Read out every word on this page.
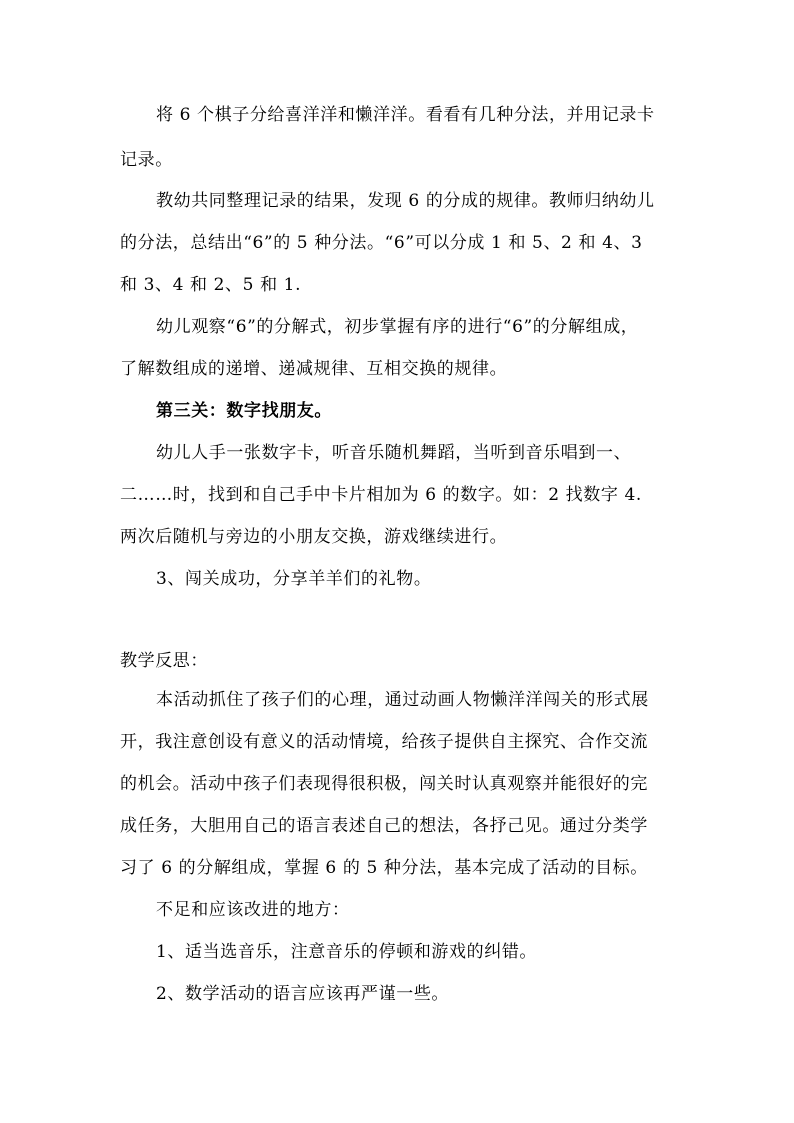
将 6 个棋子分给喜洋洋和懒洋洋。看看有几种分法，并用记录卡
记录。
教幼共同整理记录的结果，发现 6 的分成的规律。教师归纳幼儿
的分法，总结出“6”的 5 种分法。“6”可以分成 1 和 5、2 和 4、3
和 3、4 和 2、5 和 1.
幼儿观察“6”的分解式，初步掌握有序的进行“6”的分解组成，
了解数组成的递增、递减规律、互相交换的规律。
第三关：数字找朋友。
幼儿人手一张数字卡，听音乐随机舞蹈，当听到音乐唱到一、
二……时，找到和自己手中卡片相加为 6 的数字。如：2 找数字 4.
两次后随机与旁边的小朋友交换，游戏继续进行。
3、闯关成功，分享羊羊们的礼物。
教学反思：
本活动抓住了孩子们的心理，通过动画人物懒洋洋闯关的形式展
开，我注意创设有意义的活动情境，给孩子提供自主探究、合作交流
的机会。活动中孩子们表现得很积极，闯关时认真观察并能很好的完
成任务，大胆用自己的语言表述自己的想法，各抒己见。通过分类学
习了 6 的分解组成，掌握 6 的 5 种分法，基本完成了活动的目标。
不足和应该改进的地方：
1、适当选音乐，注意音乐的停顿和游戏的纠错。
2、数学活动的语言应该再严谨一些。
